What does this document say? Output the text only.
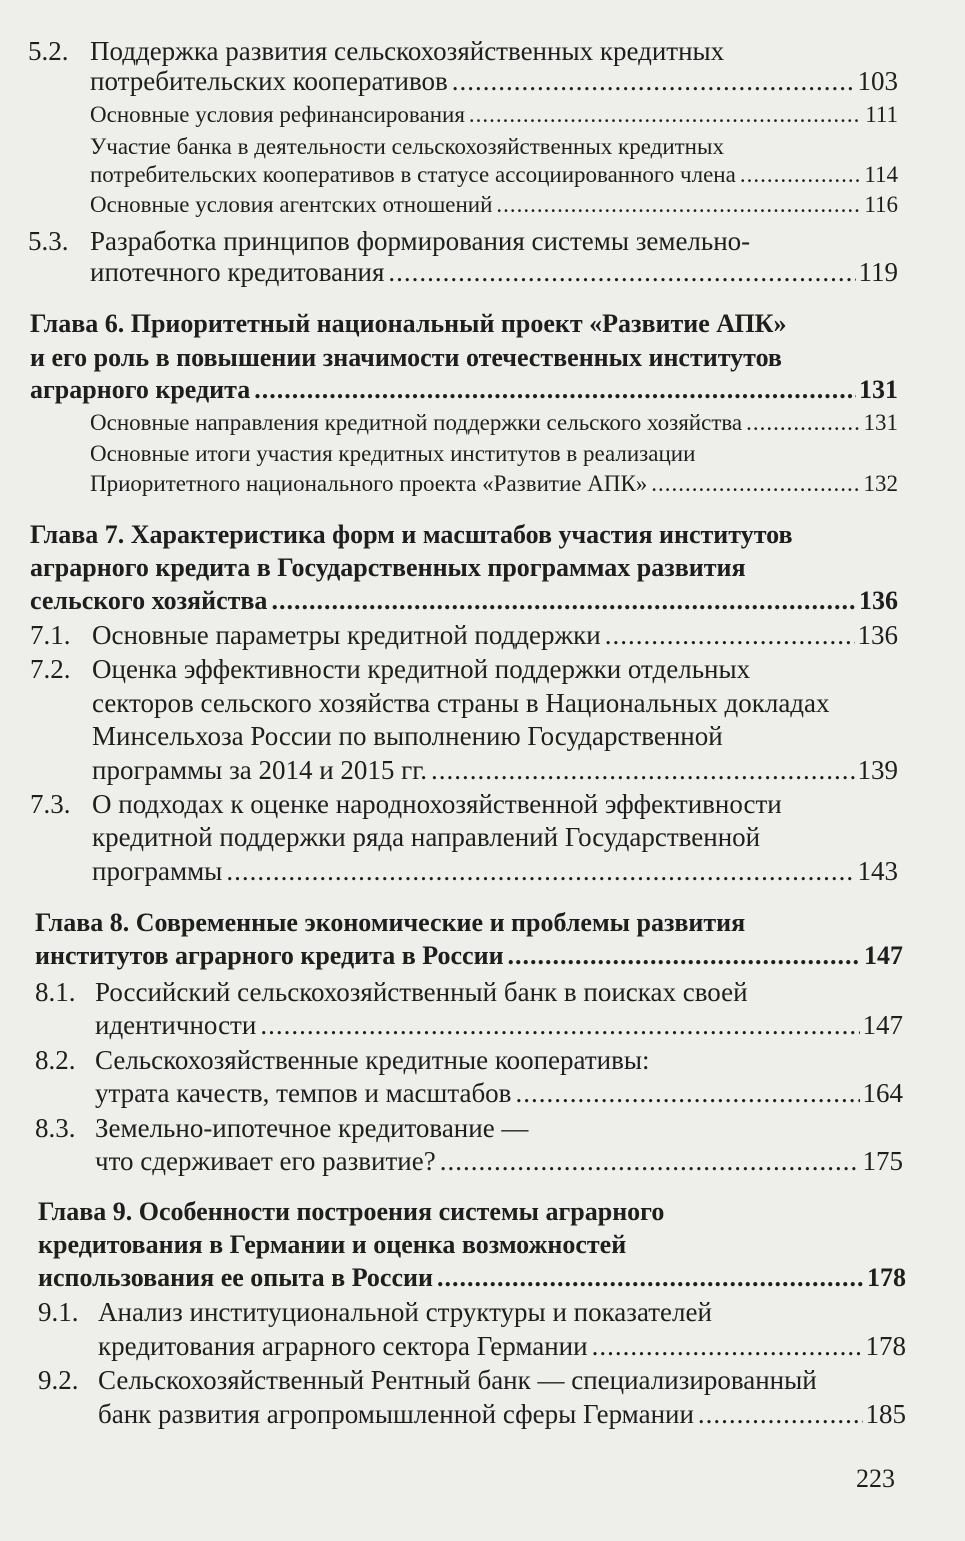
5.2. Поддержка развития сельскохозяйственных кредитных
потребительских кооперативов .....	103
Основные условия рефинансирования .....	111
Участие банка в деятельности сельскохозяйственных кредитных
потребительских кооперативов в статусе ассоциированного члена .....	114
Основные условия агентских отношений .....	116
5.3. Разработка принципов формирования системы земельно-
ипотечного кредитования .....	119
Глава 6. Приоритетный национальный проект «Развитие АПК»
и его роль в повышении значимости отечественных институтов
аграрного кредита .....	131
Основные направления кредитной поддержки сельского хозяйства .....	131
Основные итоги участия кредитных институтов в реализации
Приоритетного национального проекта «Развитие АПК» .....	132
Глава 7. Характеристика форм и масштабов участия институтов
аграрного кредита в Государственных программах развития
сельского хозяйства .....	136
7.1. Основные параметры кредитной поддержки .....	136
7.2. Оценка эффективности кредитной поддержки отдельных
секторов сельского хозяйства страны в Национальных докладах
Минсельхоза России по выполнению Государственной
программы за 2014 и 2015 гг. .....	139
7.3. О подходах к оценке народнохозяйственной эффективности
кредитной поддержки ряда направлений Государственной
программы .....	143
Глава 8. Современные экономические и проблемы развития
институтов аграрного кредита в России .....	147
8.1. Российский сельскохозяйственный банк в поисках своей
идентичности .....	147
8.2. Сельскохозяйственные кредитные кооперативы:
утрата качеств, темпов и масштабов .....	164
8.3. Земельно-ипотечное кредитование —
что сдерживает его развитие? .....	175
Глава 9. Особенности построения системы аграрного
кредитования в Германии и оценка возможностей
использования ее опыта в России .....	178
9.1. Анализ институциональной структуры и показателей
кредитования аграрного сектора Германии .....	178
9.2. Сельскохозяйственный Рентный банк — специализированный
банк развития агропромышленной сферы Германии .....	185
223
